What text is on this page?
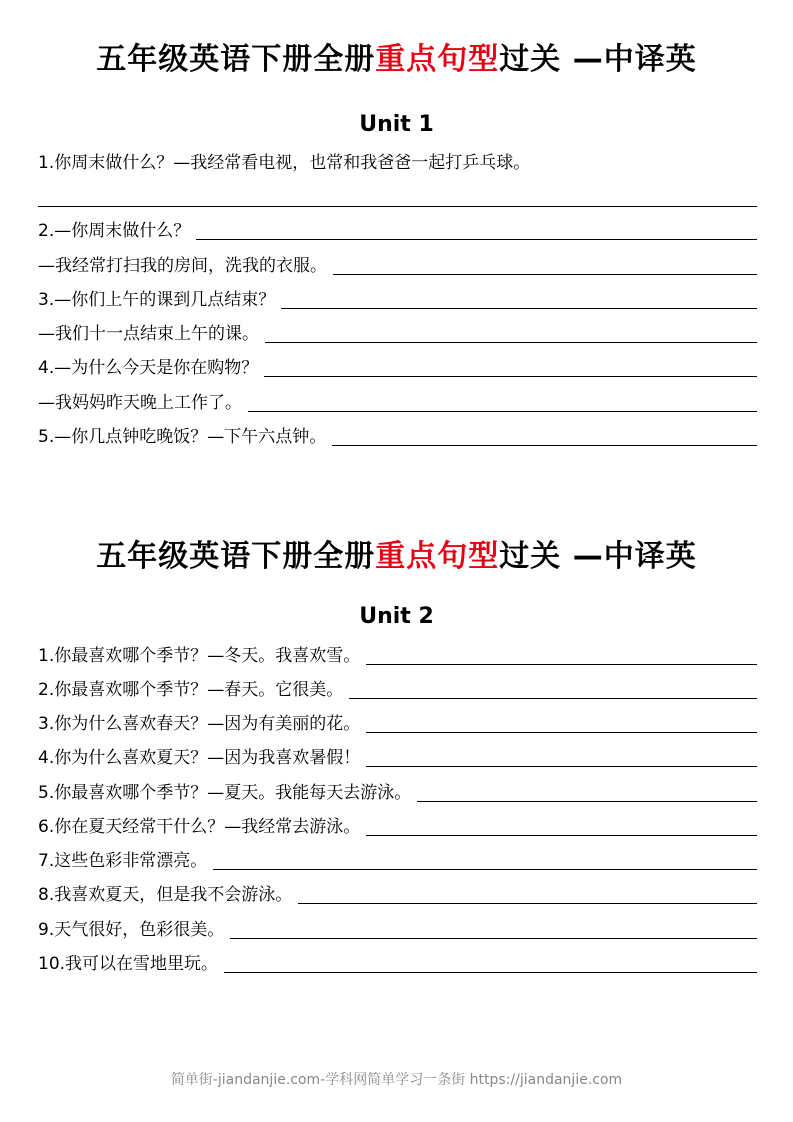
五年级英语下册全册重点句型过关 —中译英
Unit 1
1.你周末做什么？—我经常看电视，也常和我爸爸一起打乒乓球。
2.—你周末做什么？
—我经常打扫我的房间，洗我的衣服。
3.—你们上午的课到几点结束？
—我们十一点结束上午的课。
4.—为什么今天是你在购物？
—我妈妈昨天晚上工作了。
5.—你几点钟吃晚饭？—下午六点钟。
五年级英语下册全册重点句型过关 —中译英
Unit 2
1.你最喜欢哪个季节？—冬天。我喜欢雪。
2.你最喜欢哪个季节？—春天。它很美。
3.你为什么喜欢春天？—因为有美丽的花。
4.你为什么喜欢夏天？—因为我喜欢暑假！
5.你最喜欢哪个季节？—夏天。我能每天去游泳。
6.你在夏天经常干什么？—我经常去游泳。
7.这些色彩非常漂亮。
8.我喜欢夏天，但是我不会游泳。
9.天气很好，色彩很美。
10.我可以在雪地里玩。
简单街-jiandanjie.com-学科网简单学习一条街 https://jiandanjie.com
